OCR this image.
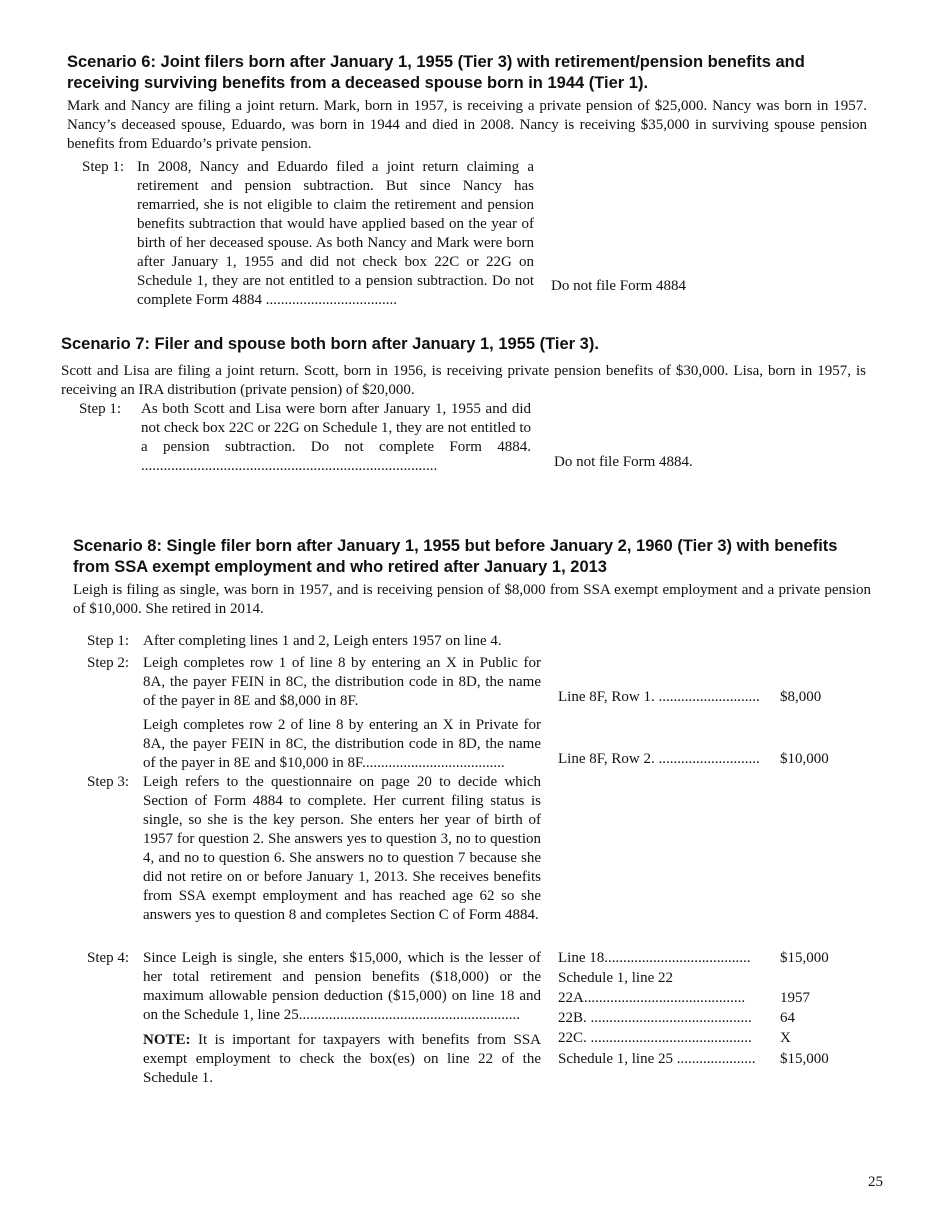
Scenario 6: Joint filers born after January 1, 1955 (Tier 3) with retirement/pension benefits and receiving surviving benefits from a deceased spouse born in 1944 (Tier 1).

Mark and Nancy are filing a joint return. Mark, born in 1957, is receiving a private pension of $25,000. Nancy was born in 1957. Nancy’s deceased spouse, Eduardo, was born in 1944 and died in 2008. Nancy is receiving $35,000 in surviving spouse pension benefits from Eduardo’s private pension.

Step 1: In 2008, Nancy and Eduardo filed a joint return claiming a retirement and pension subtraction. But since Nancy has remarried, she is not eligible to claim the retirement and pension benefits subtraction that would have applied based on the year of birth of her deceased spouse. As both Nancy and Mark were born after January 1, 1955 and did not check box 22C or 22G on Schedule 1, they are not entitled to a pension subtraction. Do not complete Form 4884 ...................................
Do not file Form 4884
Scenario 7: Filer and spouse both born after January 1, 1955 (Tier 3).

Scott and Lisa are filing a joint return. Scott, born in 1956, is receiving private pension benefits of $30,000. Lisa, born in 1957, is receiving an IRA distribution (private pension) of $20,000.

Step 1: As both Scott and Lisa were born after January 1, 1955 and did not check box 22C or 22G on Schedule 1, they are not entitled to a pension subtraction. Do not complete Form 4884. ...............................................................................	Do not file Form 4884.
Scenario 8: Single filer born after January 1, 1955 but before January 2, 1960 (Tier 3) with benefits from SSA exempt employment and who retired after January 1, 2013

Leigh is filing as single, was born in 1957, and is receiving pension of $8,000 from SSA exempt employment and a private pension of $10,000. She retired in 2014.

Step 1: After completing lines 1 and 2, Leigh enters 1957 on line 4.
Step 2: Leigh completes row 1 of line 8 by entering an X in Public for 8A, the payer FEIN in 8C, the distribution code in 8D, the name of the payer in 8E and $8,000 in 8F.

Leigh completes row 2 of line 8 by entering an X in Private for 8A, the payer FEIN in 8C, the distribution code in 8D, the name of the payer in 8E and $10,000 in 8F......................................

Line 8F, Row 1. ........................... $8,000
Line 8F, Row 2. ........................... $10,000
Step 3: Leigh refers to the questionnaire on page 20 to decide which Section of Form 4884 to complete. Her current filing status is single, so she is the key person. She enters her year of birth of 1957 for question 2. She answers yes to question 3, no to question 4, and no to question 6. She answers no to question 7 because she did not retire on or before January 1, 2013. She receives benefits from SSA exempt employment and has reached age 62 so she answers yes to question 8 and completes Section C of Form 4884.
Step 4: Since Leigh is single, she enters $15,000, which is the lesser of her total retirement and pension benefits ($18,000) or the maximum allowable pension deduction ($15,000) on line 18 and on the Schedule 1, line 25...........................................................

NOTE: It is important for taxpayers with benefits from SSA exempt employment to check the box(es) on line 22 of the Schedule 1.

Line 18....................................... $15,000
Schedule 1, line 22
22A........................................... 1957
22B. ........................................... 64
22C. ........................................... X
Schedule 1, line 25 ..................... $15,000
25
